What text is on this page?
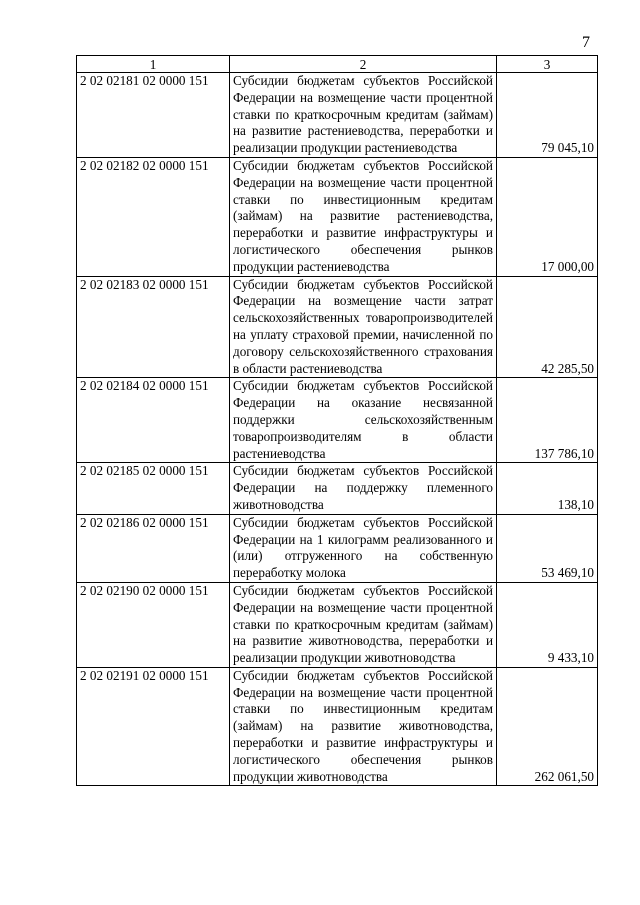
7
1	2	3
2 02 02181 02 0000 151	Субсидии бюджетам субъектов Российской Федерации на возмещение части процентной ставки по краткосрочным кредитам (займам) на развитие растениеводства, переработки и реализации продукции растениеводства	79 045,10
2 02 02182 02 0000 151	Субсидии бюджетам субъектов Российской Федерации на возмещение части процентной ставки по инвестиционным кредитам (займам) на развитие растениеводства, переработки и развитие инфраструктуры и логистического обеспечения рынков продукции растениеводства	17 000,00
2 02 02183 02 0000 151	Субсидии бюджетам субъектов Российской Федерации на возмещение части затрат сельскохозяйственных товаропроизводителей на уплату страховой премии, начисленной по договору сельскохозяйственного страхования в области растениеводства	42 285,50
2 02 02184 02 0000 151	Субсидии бюджетам субъектов Российской Федерации на оказание несвязанной поддержки сельскохозяйственным товаропроизводителям в области растениеводства	137 786,10
2 02 02185 02 0000 151	Субсидии бюджетам субъектов Российской Федерации на поддержку племенного животноводства	138,10
2 02 02186 02 0000 151	Субсидии бюджетам субъектов Российской Федерации на 1 килограмм реализованного и (или) отгруженного на собственную переработку молока	53 469,10
2 02 02190 02 0000 151	Субсидии бюджетам субъектов Российской Федерации на возмещение части процентной ставки по краткосрочным кредитам (займам) на развитие животноводства, переработки и реализации продукции животноводства	9 433,10
2 02 02191 02 0000 151	Субсидии бюджетам субъектов Российской Федерации на возмещение части процентной ставки по инвестиционным кредитам (займам) на развитие животноводства, переработки и развитие инфраструктуры и логистического обеспечения рынков продукции животноводства	262 061,50
